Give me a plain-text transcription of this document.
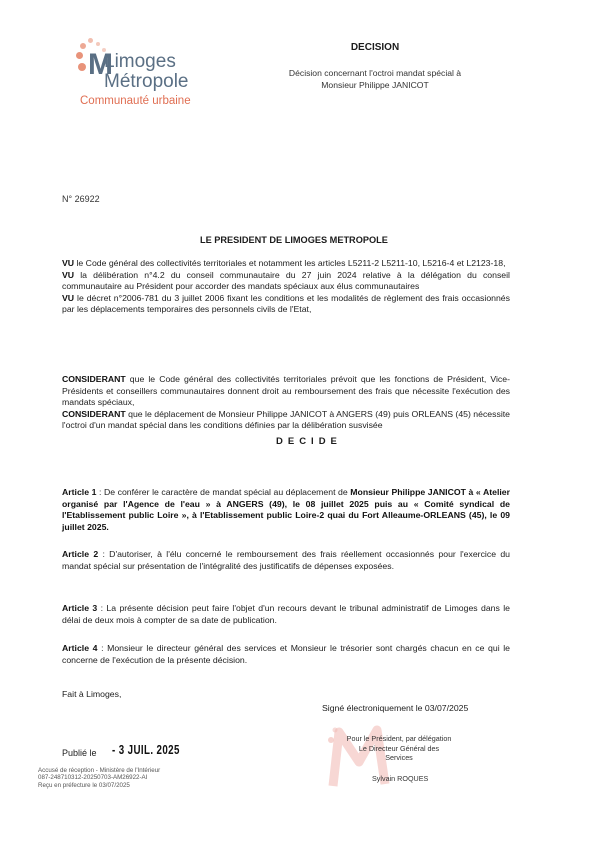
M
Limoges
Métropole
Communauté urbaine
DECISION
Décision concernant l'octroi mandat spécial à
Monsieur Philippe JANICOT
N° 26922
LE PRESIDENT DE LIMOGES METROPOLE

VU le Code général des collectivités territoriales et notamment les articles L5211-2 L5211-10, L5216-4 et L2123-18,

VU la délibération n°4.2 du conseil communautaire du 27 juin 2024 relative à la délégation du conseil communautaire au Président pour accorder des mandats spéciaux aux élus communautaires

VU le décret n°2006-781 du 3 juillet 2006 fixant les conditions et les modalités de règlement des frais occasionnés par les déplacements temporaires des personnels civils de l'Etat,

CONSIDERANT que le Code général des collectivités territoriales prévoit que les fonctions de Président, Vice-Présidents et conseillers communautaires donnent droit au remboursement des frais que nécessite l'exécution des mandats spéciaux,

CONSIDERANT que le déplacement de Monsieur Philippe JANICOT à ANGERS (49) puis ORLEANS (45) nécessite l'octroi d'un mandat spécial dans les conditions définies par la délibération susvisée

DECIDE

Article 1 : De conférer le caractère de mandat spécial au déplacement de Monsieur Philippe JANICOT à « Atelier organisé par l'Agence de l'eau » à ANGERS (49), le 08 juillet 2025 puis au « Comité syndical de l'Etablissement public Loire », à l'Etablissement public Loire-2 quai du Fort Alleaume-ORLEANS (45), le 09 juillet 2025.

Article 2 : D'autoriser, à l'élu concerné le remboursement des frais réellement occasionnés pour l'exercice du mandat spécial sur présentation de l'intégralité des justificatifs de dépenses exposées.

Article 3 : La présente décision peut faire l'objet d'un recours devant le tribunal administratif de Limoges dans le délai de deux mois à compter de sa date de publication.

Article 4 : Monsieur le directeur général des services et Monsieur le trésorier sont chargés chacun en ce qui le concerne de l'exécution de la présente décision.

Fait à Limoges,
Signé électroniquement le 03/07/2025
Pour le Président, par délégation
Le Directeur Général des
Services
Sylvain ROQUES
Publié le - 3 JUIL. 2025
Accusé de réception - Ministère de l'Intérieur
087-248710312-20250703-AM26922-AI
Reçu en préfecture le 03/07/2025
